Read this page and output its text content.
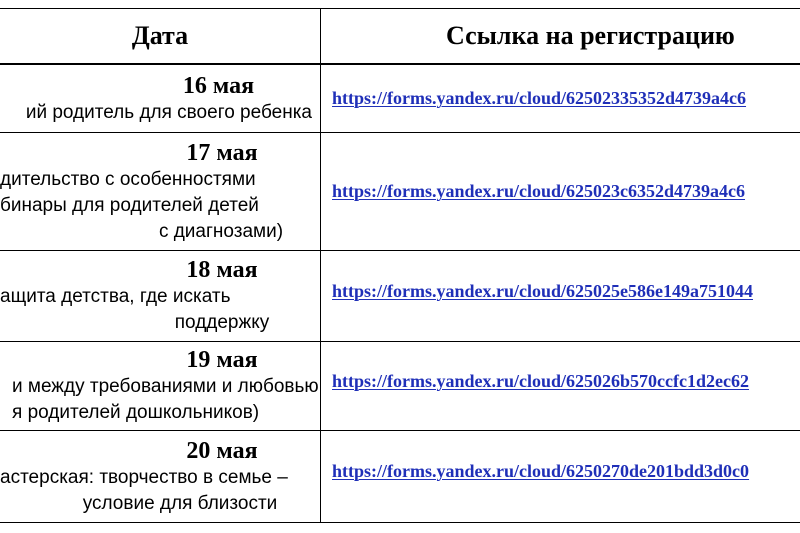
Дата	Ссылка на регистрацию
16 мая
ий родитель для своего ребенка
https://forms.yandex.ru/cloud/62502335352d4739a4c6
17 мая
дительство с особенностями
бинары для родителей детей
с диагнозами)
https://forms.yandex.ru/cloud/625023c6352d4739a4c6
18 мая
ащита детства, где искать
поддержку
https://forms.yandex.ru/cloud/625025e586e149a751044
19 мая
и между требованиями и любовью
я родителей дошкольников)
https://forms.yandex.ru/cloud/625026b570ccfc1d2ec62
20 мая
астерская: творчество в семье –
условие для близости
https://forms.yandex.ru/cloud/6250270de201bdd3d0c0
